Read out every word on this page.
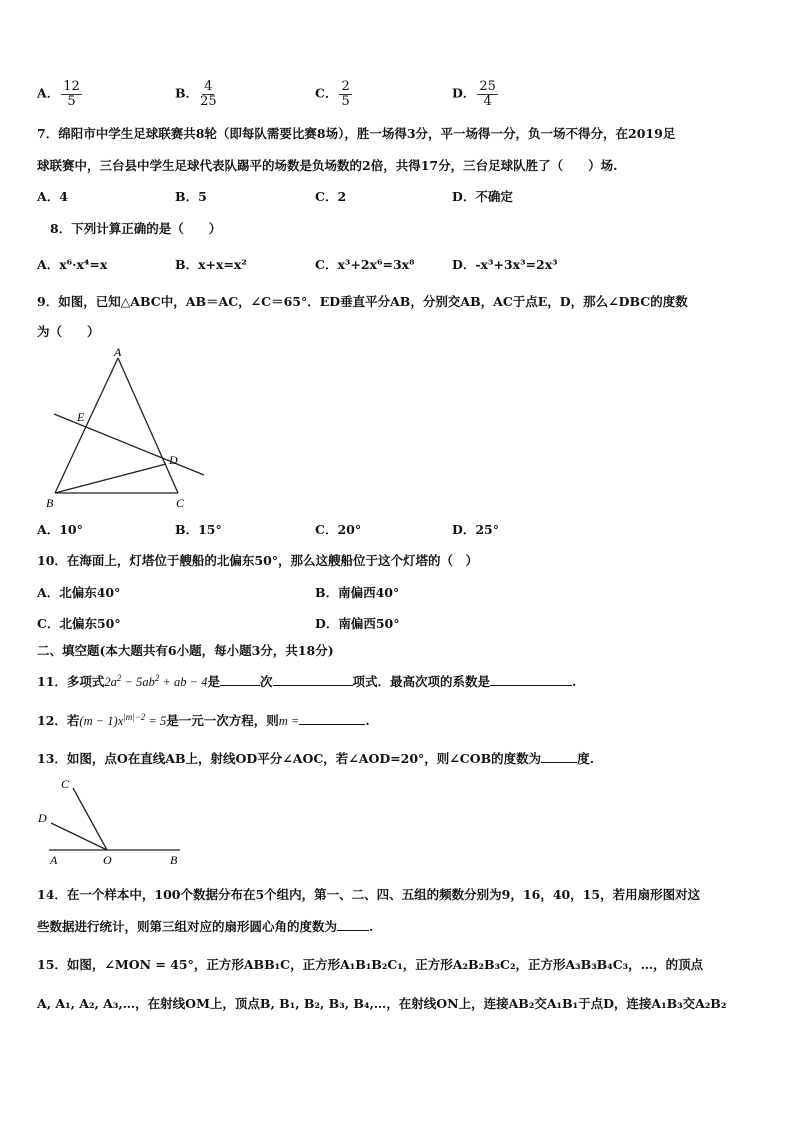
A． $\frac{12}{5}$	B． $\frac{4}{25}$	C． $\frac{2}{5}$	D． $\frac{25}{4}$
7．绵阳市中学生足球联赛共8轮（即每队需要比赛8场），胜一场得3分，平一场得一分，负一场不得分，在2019足
球联赛中，三台县中学生足球代表队踢平的场数是负场数的2倍，共得17分，三台足球队胜了（　　）场.
A．4	B．5	C．2	D．不确定
8．下列计算正确的是（　　）
A．x⁶·x⁴=x	B．x+x=x²	C．x³+2x⁶=3x⁸	D．-x³+3x³=2x³
9．如图，已知△ABC中，AB＝AC，∠C＝65°．ED垂直平分AB，分别交AB，AC于点E，D，那么∠DBC的度数
为（　　）
A
E
D
B	C
A．10°	B．15°	C．20°	D．25°
10．在海面上，灯塔位于艘船的北偏东50°，那么这艘船位于这个灯塔的（　）
A．北偏东40°	B．南偏西40°
C．北偏东50°	D．南偏西50°
二、填空题(本大题共有6小题，每小题3分，共18分)
11．多项式$2a^2 - 5ab^2$ + ab − 4是	次	项式．最高次项的系数是	.
12．若$(m - 1)x^{|m|-2} = 5$是一元一次方程，则m =	.
13．如图，点O在直线AB上，射线OD平分∠AOC，若∠AOD=20°，则∠COB的度数为	度.
C
D
A	O	B
14．在一个样本中，100个数据分布在5个组内，第一、二、四、五组的频数分别为9，16，40，15，若用扇形图对这
些数据进行统计，则第三组对应的扇形圆心角的度数为	.
15．如图，∠MON = 45°，正方形ABB₁C，正方形A₁B₁B₂C₁，正方形A₂B₂B₃C₂，正方形A₃B₃B₄C₃，…，的顶点
A, A₁, A₂, A₃,…，在射线OM上，顶点B, B₁, B₂, B₃, B₄,…，在射线ON上，连接AB₂交A₁B₁于点D，连接A₁B₃交A₂B₂
